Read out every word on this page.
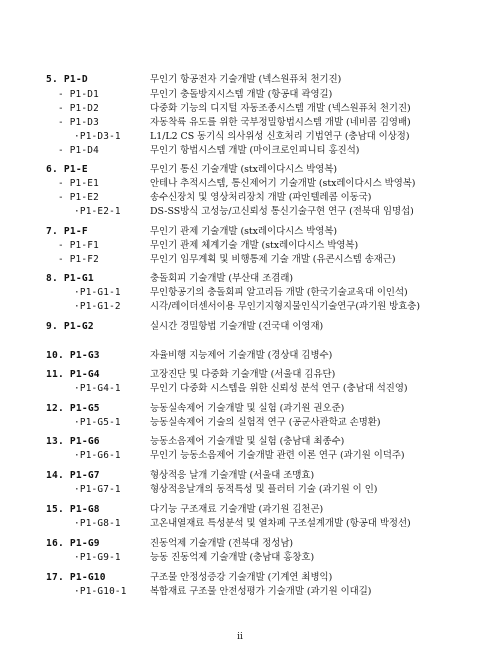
5. P1-D	무인기 항공전자 기술개발 (넥스원퓨처 천기진)
- P1-D1	무인기 충돌방지시스템 개발 (항공대 곽영길)
- P1-D2	다중화 기능의 디지털 자동조종시스템 개발 (넥스원퓨처 천기진)
- P1-D3	자동착륙 유도를 위한 국부정밀항법시스템 개발 (네비콤 김영배)
·P1-D3-1	L1/L2 CS 동기식 의사위성 신호처리 기법연구 (충남대 이상정)
- P1-D4	무인기 항법시스템 개발 (마이크로인피니티 홍진석)
6. P1-E	무인기 통신 기술개발 (stx레이다시스 박영복)
- P1-E1	안테나 추적시스템, 통신제어기 기술개발 (stx레이다시스 박영복)
- P1-E2	송수신장치 및 영상처리장치 개발 (파인텔레콤 이동국)
·P1-E2-1	DS-SS방식 고성능/고신뢰성 통신기술구현 연구 (전북대 임명섭)
7. P1-F	무인기 관제 기술개발 (stx레이다시스 박영복)
- P1-F1	무인기 관제 체계기술 개발 (stx레이다시스 박영복)
- P1-F2	무인기 임무계획 및 비행통제 기술 개발 (유콘시스템 송재근)
8. P1-G1	충돌회피 기술개발 (부산대 조겸래)
·P1-G1-1	무인항공기의 충돌회피 알고리듬 개발 (한국기술교육대 이인석)
·P1-G1-2	시각/레이더센서이용 무인기지형지물인식기술연구(과기원 방효충)
9. P1-G2	실시간 경밀항법 기술개발 (건국대 이영재)
10. P1-G3	자율비행 지능제어 기술개발 (경상대 김병수)
11. P1-G4	고장진단 및 다중화 기술개발 (서울대 김유단)
·P1-G4-1	무인기 다중화 시스템을 위한 신뢰성 분석 연구 (충남대 석진영)
12. P1-G5	능동실속제어 기술개발 및 실험 (과기원 권오준)
·P1-G5-1	능동실속제어 기술의 실험적 연구 (공군사관학교 손명환)
13. P1-G6	능동소음제어 기술개발 및 실험 (충남대 최종수)
·P1-G6-1	무인기 능동소음제어 기술개발 관련 이론 연구 (과기원 이덕주)
14. P1-G7	형상적응 날개 기술개발 (서울대 조맹효)
·P1-G7-1	형상적응날개의 동적특성 및 플러터 기술 (과기원 이 인)
15. P1-G8	다기능 구조재료 기술개발 (과기원 김천곤)
·P1-G8-1	고온내열재료 특성분석 및 열차폐 구조설계개발 (항공대 박정선)
16. P1-G9	진동억제 기술개발 (전북대 정성남)
·P1-G9-1	능동 진동억제 기술개발 (충남대 홍창호)
17. P1-G10	구조물 안정성증강 기술개발 (기계연 최병익)
·P1-G10-1 복합재료 구조물 안전성평가 기술개발 (과기원 이대길)
ii
